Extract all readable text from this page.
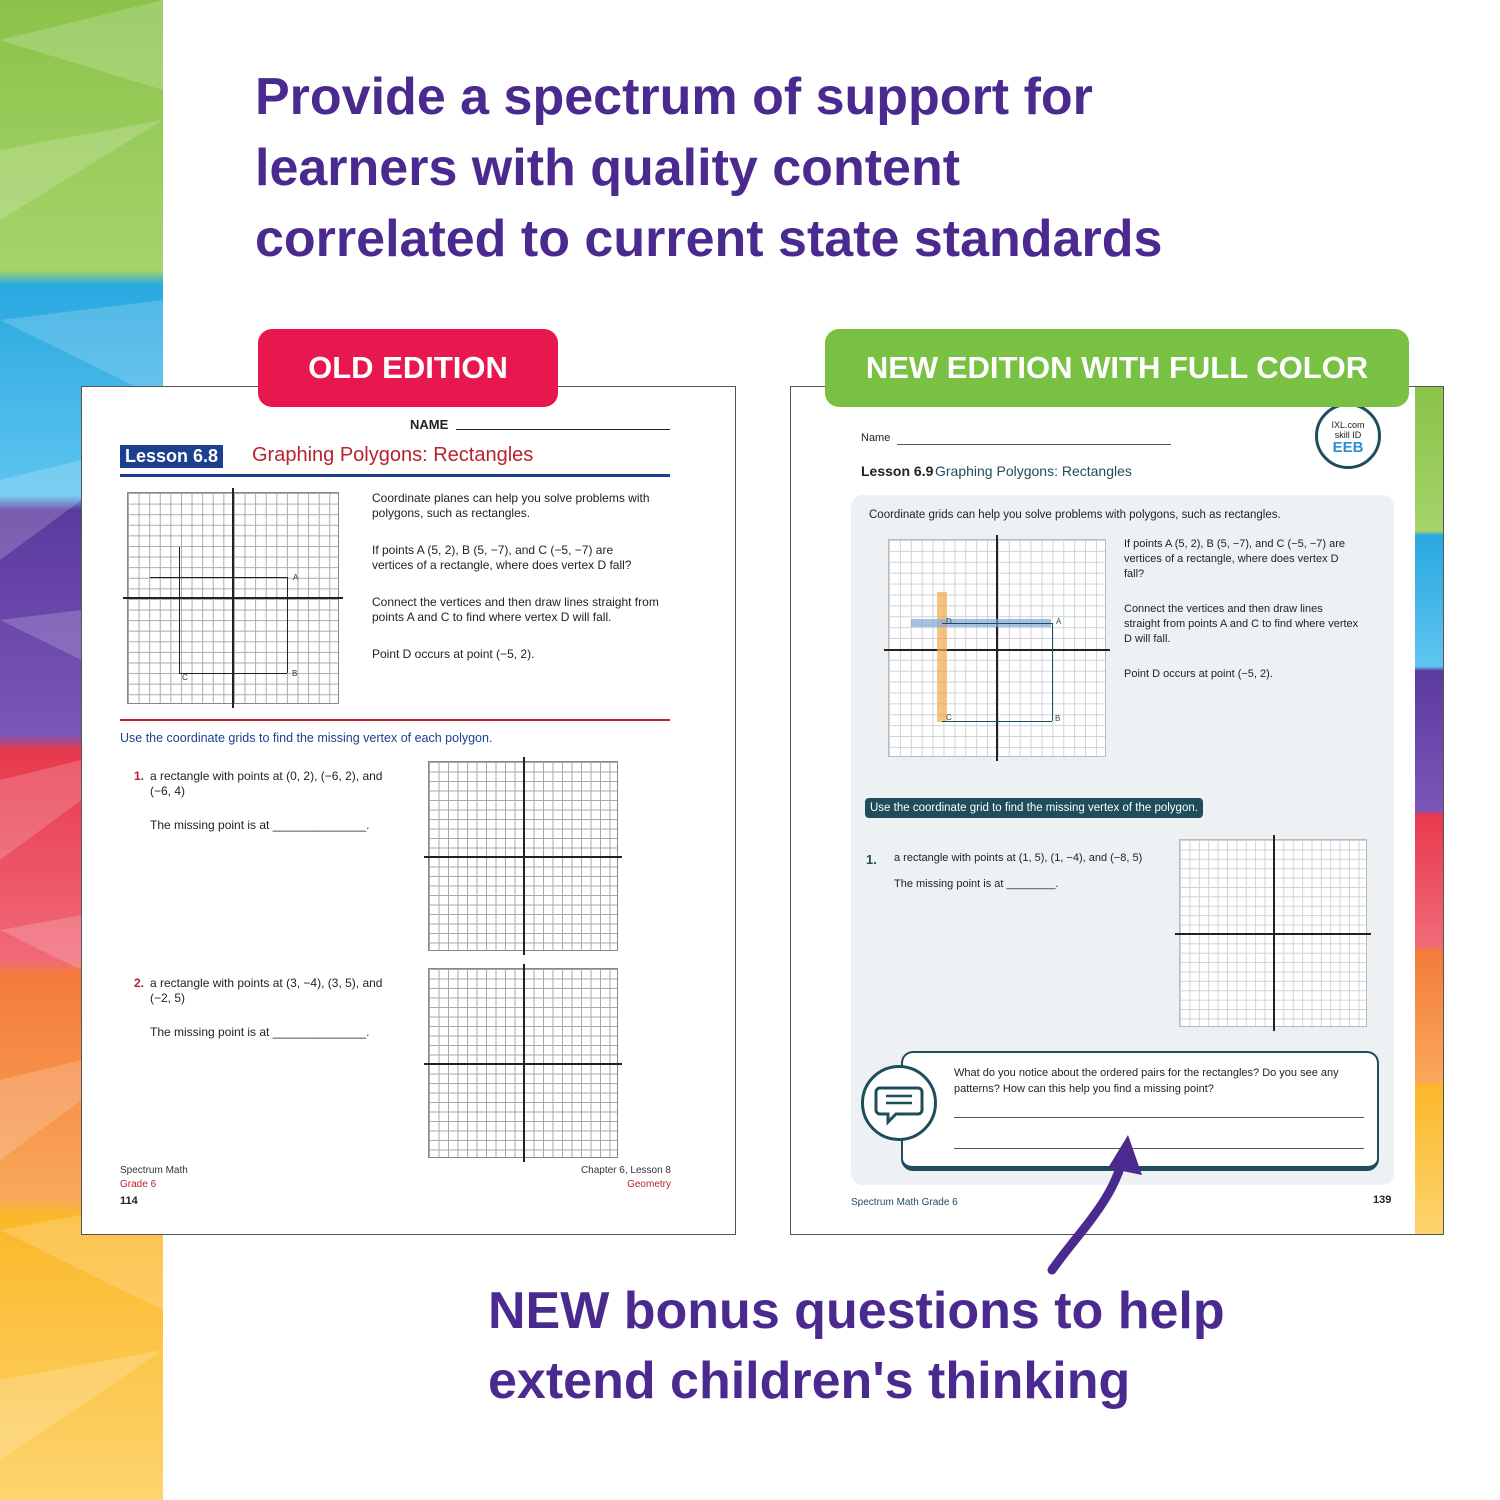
Provide a spectrum of support for
learners with quality content
correlated to current state standards
NAME
Lesson 6.8 Graphing Polygons: Rectangles
A
B
C
Coordinate planes can help you solve problems with polygons, such as rectangles.
If points A (5, 2), B (5, −7), and C (−5, −7) are vertices of a rectangle, where does vertex D fall?
Connect the vertices and then draw lines straight from points A and C to find where vertex D will fall.
Point D occurs at point (−5, 2).
Use the coordinate grids to find the missing vertex of each polygon.
1. a rectangle with points at (0, 2), (−6, 2), and (−6, 4)
The missing point is at ______________.
2. a rectangle with points at (3, −4), (3, 5), and (−2, 5)
The missing point is at ______________.
Spectrum Math
Grade 6
114
Chapter 6, Lesson 8
Geometry
OLD EDITION
Name
IXL.com
skill ID
EEB
Lesson 6.9 Graphing Polygons: Rectangles
Coordinate grids can help you solve problems with polygons, such as rectangles.
A
B
C
D
If points A (5, 2), B (5, −7), and C (−5, −7) are vertices of a rectangle, where does vertex D fall?
Connect the vertices and then draw lines straight from points A and C to find where vertex D will fall.
Point D occurs at point (−5, 2).
Use the coordinate grid to find the missing vertex of the polygon.
1. a rectangle with points at (1, 5), (1, −4), and (−8, 5)
The missing point is at ________.
What do you notice about the ordered pairs for the rectangles? Do you see any patterns? How can this help you find a missing point?
Spectrum Math Grade 6	139
NEW EDITION WITH FULL COLOR
NEW bonus questions to help
extend children's thinking
